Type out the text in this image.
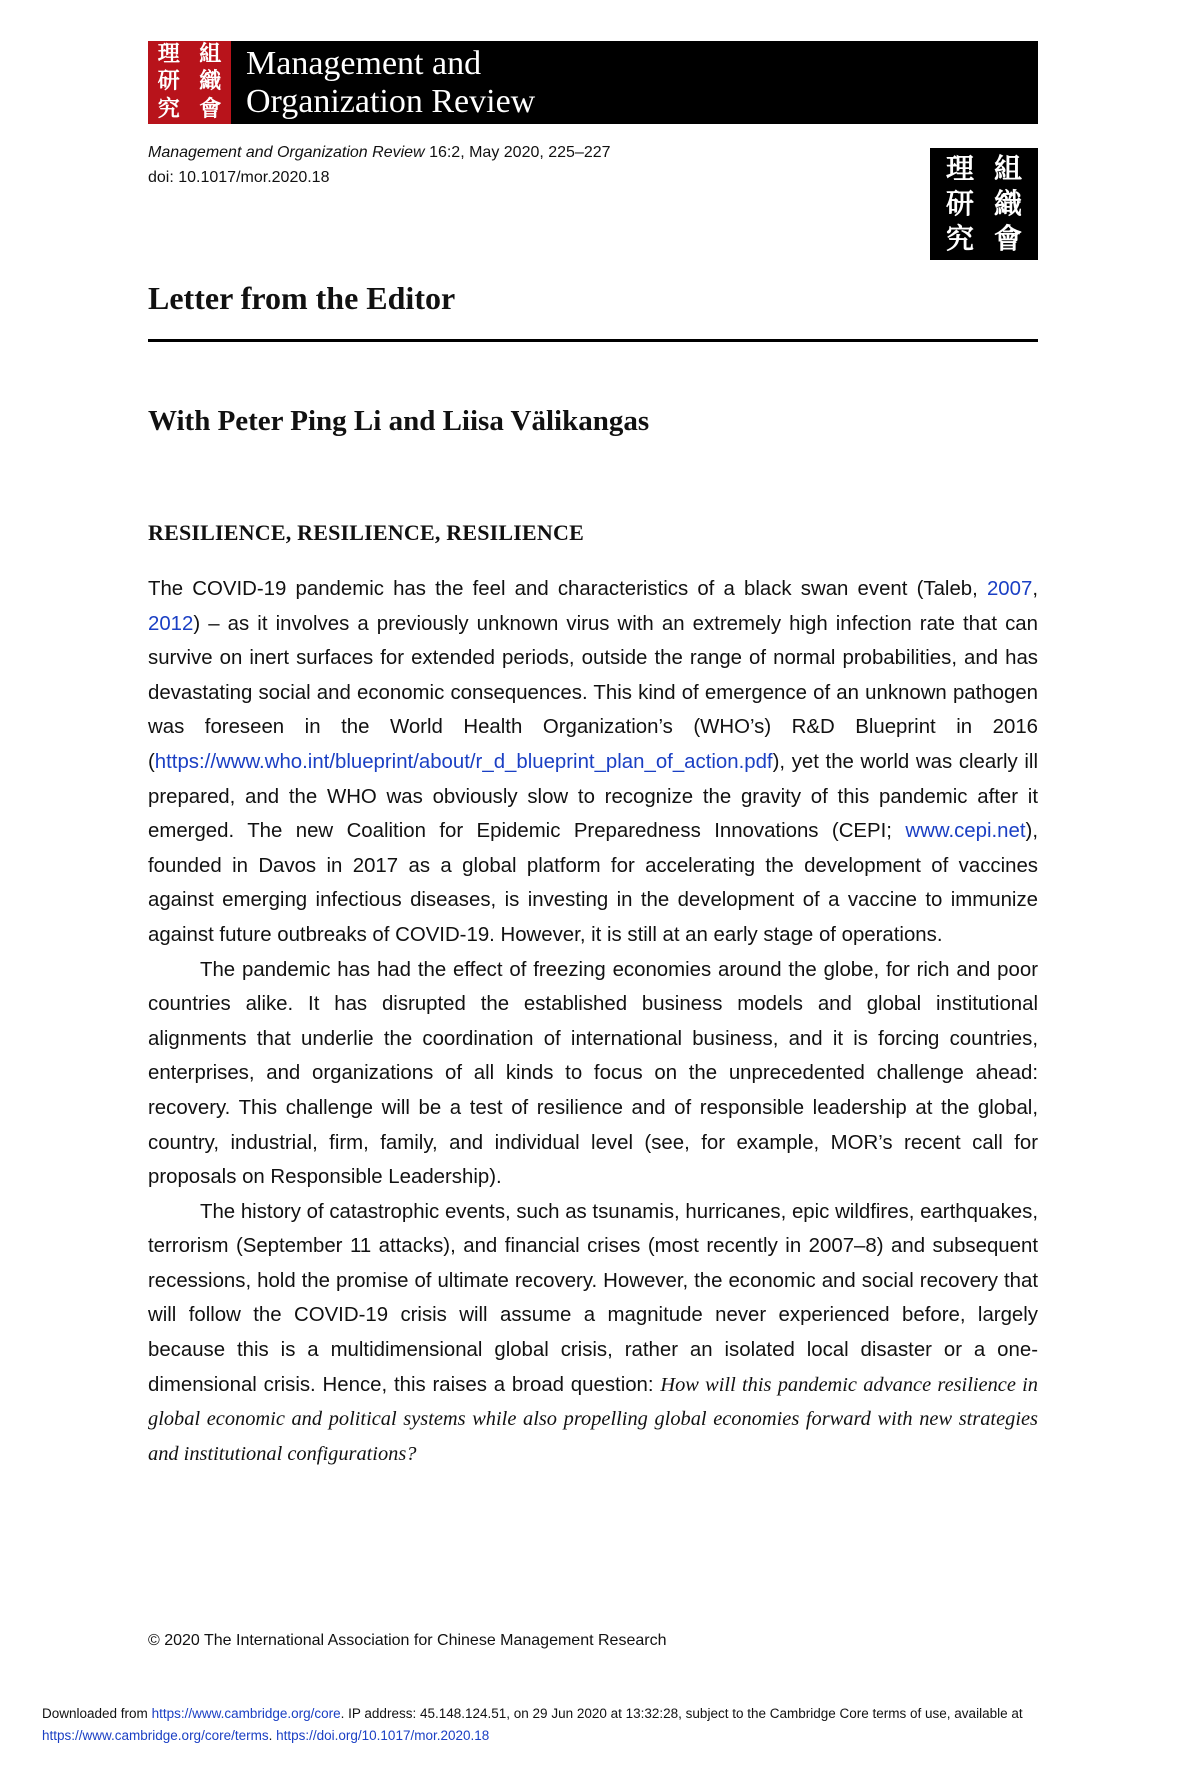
理 組
研 織
究 會
Management and
Organization Review
Management and Organization Review 16:2, May 2020, 225–227
doi: 10.1017/mor.2020.18	理 組
研 織
究 會
Letter from the Editor
With Peter Ping Li and Liisa Välikangas
RESILIENCE, RESILIENCE, RESILIENCE

The COVID-19 pandemic has the feel and characteristics of a black swan event (Taleb, 2007, 2012) – as it involves a previously unknown virus with an extremely high infection rate that can survive on inert surfaces for extended periods, outside the range of normal probabilities, and has devastating social and economic consequences. This kind of emergence of an unknown pathogen was foreseen in the World Health Organization’s (WHO’s) R&D Blueprint in 2016 (https://www.who.int/blueprint/about/r_d_blueprint_plan_of_action.pdf), yet the world was clearly ill prepared, and the WHO was obviously slow to recognize the gravity of this pandemic after it emerged. The new Coalition for Epidemic Preparedness Innovations (CEPI; www.cepi.net), founded in Davos in 2017 as a global platform for accelerating the development of vaccines against emerging infectious diseases, is investing in the development of a vaccine to immunize against future outbreaks of COVID-19. However, it is still at an early stage of operations.

The pandemic has had the effect of freezing economies around the globe, for rich and poor countries alike. It has disrupted the established business models and global institutional alignments that underlie the coordination of international business, and it is forcing countries, enterprises, and organizations of all kinds to focus on the unprecedented challenge ahead: recovery. This challenge will be a test of resilience and of responsible leadership at the global, country, industrial, firm, family, and individual level (see, for example, MOR’s recent call for proposals on Responsible Leadership).

The history of catastrophic events, such as tsunamis, hurricanes, epic wildfires, earthquakes, terrorism (September 11 attacks), and financial crises (most recently in 2007–8) and subsequent recessions, hold the promise of ultimate recovery. However, the economic and social recovery that will follow the COVID-19 crisis will assume a magnitude never experienced before, largely because this is a multidimensional global crisis, rather an isolated local disaster or a one-dimensional crisis. Hence, this raises a broad question: How will this pandemic advance resilience in global economic and political systems while also propelling global economies forward with new strategies and institutional configurations?

© 2020 The International Association for Chinese Management Research
Downloaded from https://www.cambridge.org/core. IP address: 45.148.124.51, on 29 Jun 2020 at 13:32:28, subject to the Cambridge Core terms of use, available at https://www.cambridge.org/core/terms. https://doi.org/10.1017/mor.2020.18
